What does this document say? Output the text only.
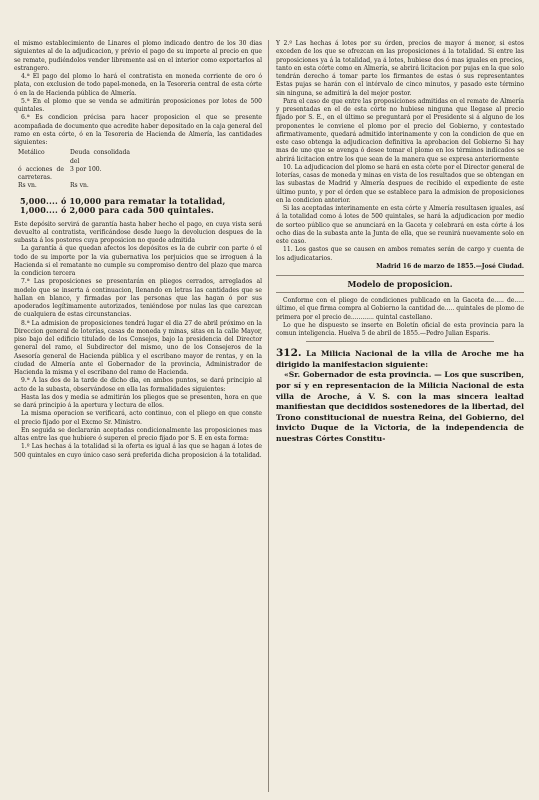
el mismo establecimiento de Linares el plomo indicado dentro de los 30 dias siguientes al de la adjudicacion, y prévio el pago de su importe al precio en que se remate, pudiéndolos vender libremente asi en el interior como exportarlos al estrangero.

4.ª El pago del plomo lo hará el contratista en moneda corriente de oro ó plata, con exclusion de todo papel-moneda, en la Tesoreria central de esta córte ó en la de Hacienda pública de Almería.

5.ª En el plomo que se venda se admitirán proposiciones por lotes de 500 quintales.

6.ª Es condicion précisa para hacer proposicion el que se presente acompañada de documento que acredite haber depositado en la caja general del ramo en esta córte, ó en la Tesoreria de Hacienda de Almería, las cantidades siguientes:

Metálico	Deuda consolidada del
ó acciones de carreteras.
3 por 100.
Rs vn.	Rs vn.
5,000.... ó 10,000 para rematar la totalidad,
1,000.... ó 2,000 para cada 500 quintales.

Este depósito servirá de garantía hasta haber hecho el pago, en cuya vista será devuelto al contratista, verificándose desde luego la devolucion despues de la subasta á los postores cuya proposicion no quede admitida

La garantía á que quedan afectos los depósitos es la de cubrir con parte ó el todo de su importe por la via gubernativa los perjuicios que se irroguen á la Hacienda si el rematante no cumple su compromiso dentro del plazo que marca la condicion tercera

7.ª Las proposiciones se presentarán en pliegos cerrados, arreglados al modelo que se inserta á continuacion, llenando en letras las cantidades que se hallan en blanco, y firmadas por las personas que las hagan ó por sus apoderados legítimamente autorizados, teniéndose por nulas las que carezcan de cualquiera de estas circunstancias.

8.ª La admision de proposiciones tendrá lugar el dia 27 de abril próximo en la Direccion general de loterías, casas de moneda y minas, sitas en la calle Mayor, piso bajo del edificio titulado de los Consejos, bajo la presidencia del Director general del ramo, el Subdirector del mismo, uno de los Consejeros de la Asesoría general de Hacienda pública y el escribano mayor de rentas, y en la ciudad de Almería ante el Gobernador de la provincia, Administrador de Hacienda la misma y el escribano del ramo de Hacienda.

9.ª A las dos de la tarde de dicho dia, en ambos puntos, se dará principio al acto de la subasta, observándose en ella las formalidades siguientes:

Hasta las dos y media se admitirán los pliegos que se presenten, hora en que se dará principio á la apertura y lectura de ellos.

La misma operacion se verificará, acto continuo, con el pliego en que conste el precio fijado por el Excmo Sr. Ministro.

En seguida se declararán aceptadas condicionalmente las proposiciones mas altas entre las que hubiere ó superen el precio fijado por S. E en esta forma:

1.º Las hechas á la totalidad si la oferta es igual á las que se hagan á lotes de 500 quintales en cuyo único caso será preferida dicha proposicion á la totalidad.

Y 2.º Las hechas á lotes por su órden, precios de mayor á menor, si estos exceden de los que se ofrezcan en las proposiciones á la totalidad. Si entre las proposiciones ya á la totalidad, ya á lotes, hubiese dos ó mas iguales en precios, tanto en esta córte como en Almería, se abrirá licitacion por pujas en la que solo tendrán derecho á tomar parte los firmantes de estas ó sus representantes Estas pujas se harán con el intérvalo de cinco minutos, y pasado este término sin ninguna, se admitirá la del mejor postor.

Para el caso de que entre las proposiciones admitidas en el remate de Almería y presentadas en el de esta córte no hubiese ninguna que llegase al precio fijado por S. E., en el último se preguntará por el Presidente si á alguno de los proponentes le conviene el plomo por el precio del Gobierno, y contestado afirmativamente, quedará admitido interinamente y con la condicion de que en este caso obtenga la adjudicacion definitiva la aprobacion del Gobierno Si hay mas de uno que se avenga ó desee tomar el plomo en los términos indicados se abrirá licitacion entre los que sean de la manera que se expresa anteriormente

10. La adjudicacion del plomo se hará en esta córte por el Director general de loterías, casas de moneda y minas en vista de los resultados que se obtengan en las subastas de Madrid y Almería despues de recibido el expediente de este último punto, y por el órden que se establece para la admision de proposiciones en la condicion anterior.

Si las aceptadas interinamente en esta córte y Almería resultasen iguales, así á la totalidad como á lotes de 500 quintales, se hará la adjudicacion por medio de sorteo público que se anunciará en la Gaceta y celebrará en esta córte á los ocho dias de la subasta ante la Junta de ella, que se reunirá nuevamente solo en este caso.

11. Los gastos que se causen en ambos remates serán de cargo y cuenta de los adjudicatarios.

Madrid 16 de marzo de 1855.—José Ciudad.

Modelo de proposicion.

Conforme con el pliego de condiciones publicado en la Gaceta de..... de..... último, el que firma compra al Gobierno la cantidad de..... quintales de plomo de primera por el precio de............ quintal castellano.

Lo que he dispuesto se inserte en Boletín oficial de esta provincia para la comun inteligencia. Huelva 5 de abril de 1855.—Pedro Julian Esparis.

312. La Milicia Nacional de la villa de Aroche me ha dirigido la manifestacion siguiente:
«Sr. Gobernador de esta provincia. — Los que suscriben, por sí y en representacion de la Milicia Nacional de esta villa de Aroche, á V. S. con la mas sincera lealtad manifiestan que decididos sostenedores de la libertad, del Trono constitucional de nuestra Reina, del Gobierno, del invicto Duque de la Victoria, de la independencia de nuestras Córtes Constitu-
